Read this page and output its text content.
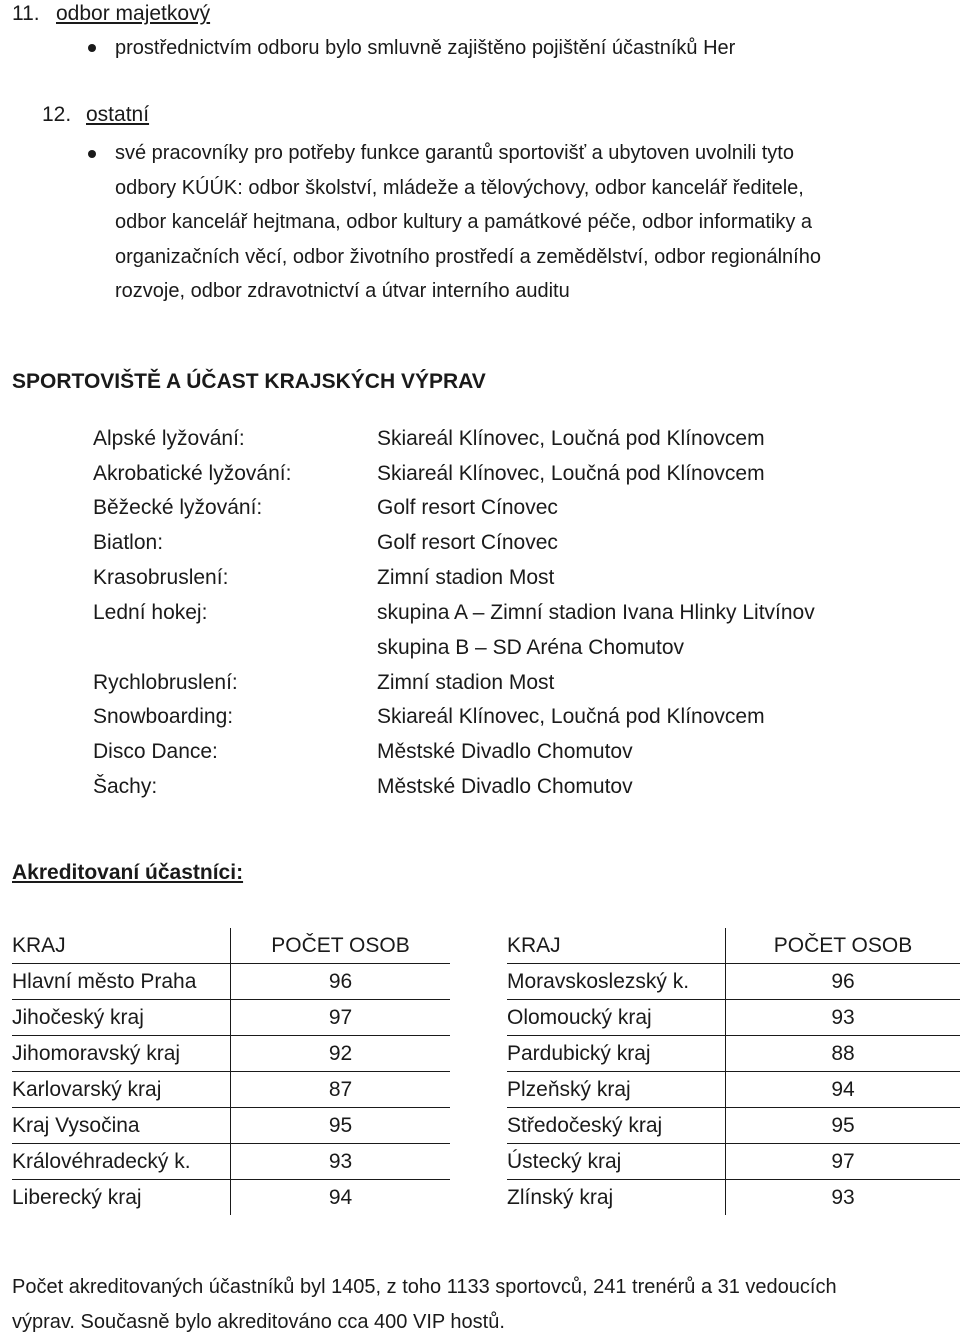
11. odbor majetkový
prostřednictvím odboru bylo smluvně zajištěno pojištění účastníků Her
12. ostatní
své pracovníky pro potřeby funkce garantů sportovišť a ubytoven uvolnili tyto
odbory KÚÚK: odbor školství, mládeže a tělovýchovy, odbor kancelář ředitele,
odbor kancelář hejtmana, odbor kultury a památkové péče, odbor informatiky a
organizačních věcí, odbor životního prostředí a zemědělství, odbor regionálního
rozvoje, odbor zdravotnictví a útvar interního auditu
SPORTOVIŠTĚ A ÚČAST KRAJSKÝCH VÝPRAV
Alpské lyžování:	Skiareál Klínovec, Loučná pod Klínovcem
Akrobatické lyžování:	Skiareál Klínovec, Loučná pod Klínovcem
Běžecké lyžování:	Golf resort Cínovec
Biatlon:	Golf resort Cínovec
Krasobruslení:	Zimní stadion Most
Lední hokej:	skupina A – Zimní stadion Ivana Hlinky Litvínov
skupina B – SD Aréna Chomutov
Rychlobruslení:	Zimní stadion Most
Snowboarding:	Skiareál Klínovec, Loučná pod Klínovcem
Disco Dance:	Městské Divadlo Chomutov
Šachy:	Městské Divadlo Chomutov
Akreditovaní účastníci:
KRAJ	POČET OSOB
Hlavní město Praha	96
Jihočeský kraj	97
Jihomoravský kraj	92
Karlovarský kraj	87
Kraj Vysočina	95
Královéhradecký k.	93
Liberecký kraj	94
KRAJ	POČET OSOB
Moravskoslezský k.	96
Olomoucký kraj	93
Pardubický kraj	88
Plzeňský kraj	94
Středočeský kraj	95
Ústecký kraj	97
Zlínský kraj	93
Počet akreditovaných účastníků byl 1405, z toho 1133 sportovců, 241 trenérů a 31 vedoucích
výprav. Současně bylo akreditováno cca 400 VIP hostů.
